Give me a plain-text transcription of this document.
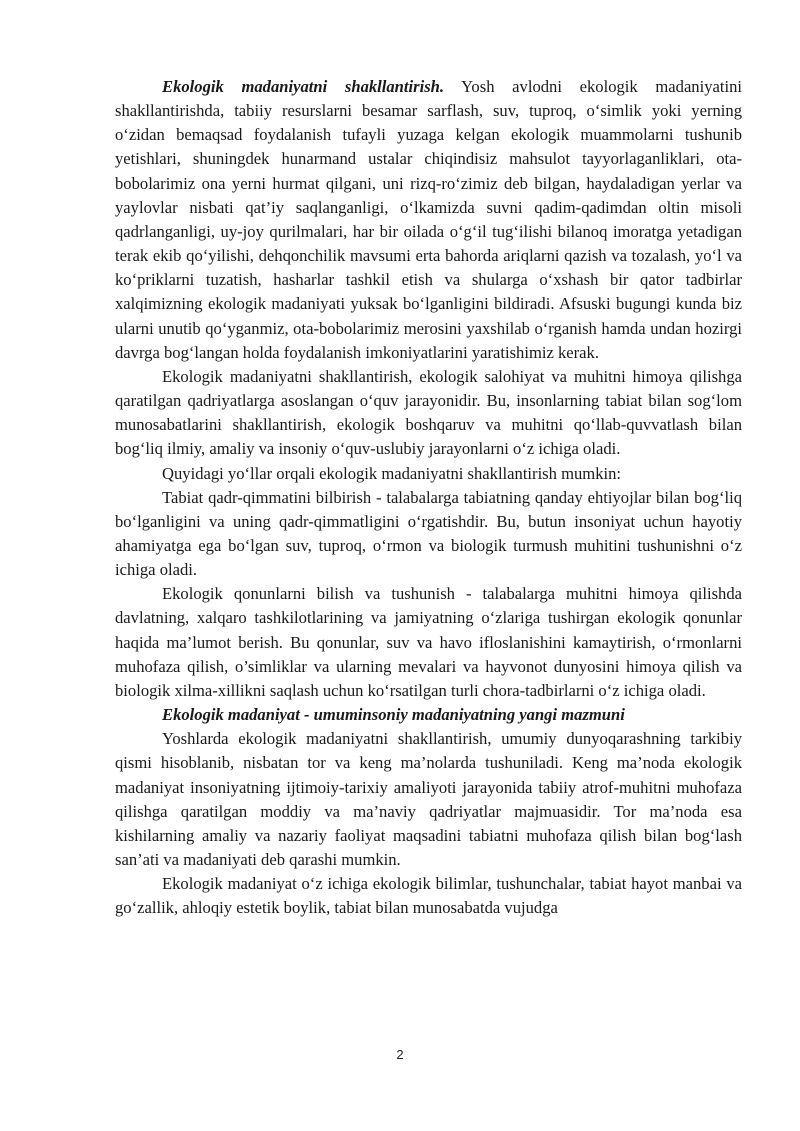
Ekologik madaniyatni shakllantirish. Yosh avlodni ekologik madaniyatini shakllantirishda, tabiiy resurslarni besamar sarflash, suv, tuproq, o‘simlik yoki yerning o‘zidan bemaqsad foydalanish tufayli yuzaga kelgan ekologik muammolarni tushunib yetishlari, shuningdek hunarmand ustalar chiqindisiz mahsulot tayyorlaganliklari, ota-bobolarimiz ona yerni hurmat qilgani, uni rizq-ro‘zimiz deb bilgan, haydaladigan yerlar va yaylovlar nisbati qat’iy saqlanganligi, o‘lkamizda suvni qadim-qadimdan oltin misoli qadrlanganligi, uy-joy qurilmalari, har bir oilada o‘g‘il tug‘ilishi bilanoq imoratga yetadigan terak ekib qo‘yilishi, dehqonchilik mavsumi erta bahorda ariqlarni qazish va tozalash, yo‘l va ko‘priklarni tuzatish, hasharlar tashkil etish va shularga o‘xshash bir qator tadbirlar xalqimizning ekologik madaniyati yuksak bo‘lganligini bildiradi. Afsuski bugungi kunda biz ularni unutib qo‘yganmiz, ota-bobolarimiz merosini yaxshilab o‘rganish hamda undan hozirgi davrga bog‘langan holda foydalanish imkoniyatlarini yaratishimiz kerak.

Ekologik madaniyatni shakllantirish, ekologik salohiyat va muhitni himoya qilishga qaratilgan qadriyatlarga asoslangan o‘quv jarayonidir. Bu, insonlarning tabiat bilan sog‘lom munosabatlarini shakllantirish, ekologik boshqaruv va muhitni qo‘llab-quvvatlash bilan bog‘liq ilmiy, amaliy va insoniy o‘quv-uslubiy jarayonlarni o‘z ichiga oladi.

Quyidagi yo‘llar orqali ekologik madaniyatni shakllantirish mumkin:

Tabiat qadr-qimmatini bilbirish - talabalarga tabiatning qanday ehtiyojlar bilan bog‘liq bo‘lganligini va uning qadr-qimmatligini o‘rgatishdir. Bu, butun insoniyat uchun hayotiy ahamiyatga ega bo‘lgan suv, tuproq, o‘rmon va biologik turmush muhitini tushunishni o‘z ichiga oladi.

Ekologik qonunlarni bilish va tushunish - talabalarga muhitni himoya qilishda davlatning, xalqaro tashkilotlarining va jamiyatning o‘zlariga tushirgan ekologik qonunlar haqida ma’lumot berish. Bu qonunlar, suv va havo ifloslanishini kamaytirish, o‘rmonlarni muhofaza qilish, o’simliklar va ularning mevalari va hayvonot dunyosini himoya qilish va biologik xilma-xillikni saqlash uchun ko‘rsatilgan turli chora-tadbirlarni o‘z ichiga oladi.

Ekologik madaniyat - umuminsoniy madaniyatning yangi mazmuni

Yoshlarda ekologik madaniyatni shakllantirish, umumiy dunyoqarashning tarkibiy qismi hisoblanib, nisbatan tor va keng ma’nolarda tushuniladi. Keng ma’noda ekologik madaniyat insoniyatning ijtimoiy-tarixiy amaliyoti jarayonida tabiiy atrof-muhitni muhofaza qilishga qaratilgan moddiy va ma’naviy qadriyatlar majmuasidir. Tor ma’noda esa kishilarning amaliy va nazariy faoliyat maqsadini tabiatni muhofaza qilish bilan bog‘lash san’ati va madaniyati deb qarashi mumkin.

Ekologik madaniyat o‘z ichiga ekologik bilimlar, tushunchalar, tabiat hayot manbai va go‘zallik, ahloqiy estetik boylik, tabiat bilan munosabatda vujudga

2
